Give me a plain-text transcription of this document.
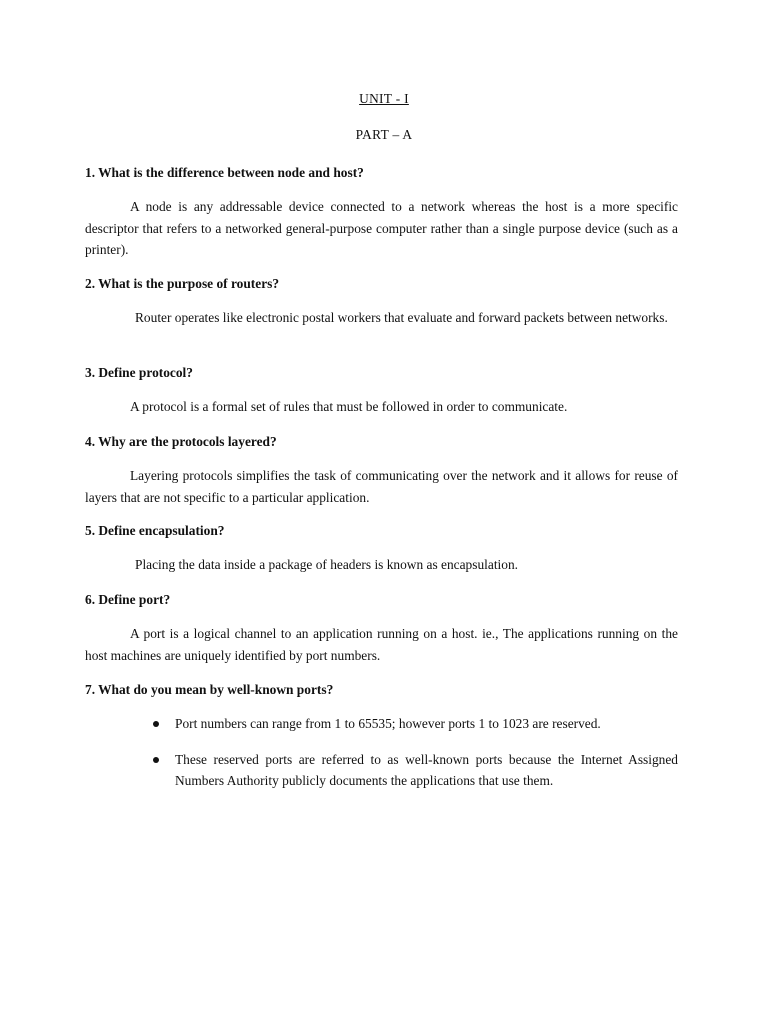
UNIT - I
PART – A
1. What is the difference between node and host?
A node is any addressable device connected to a network whereas the host is a more specific descriptor that refers to a networked general-purpose computer rather than a single purpose device (such as a printer).
2. What is the purpose of routers?
Router operates like electronic postal workers that evaluate and forward packets between networks.
3. Define protocol?
A protocol is a formal set of rules that must be followed in order to communicate.
4. Why are the protocols layered?
Layering protocols simplifies the task of communicating over the network and it allows for reuse of layers that are not specific to a particular application.
5. Define encapsulation?
Placing the data inside a package of headers is known as encapsulation.
6. Define port?
A port is a logical channel to an application running on a host. ie., The applications running on the host machines are uniquely identified by port numbers.
7. What do you mean by well-known ports?
Port numbers can range from 1 to 65535; however ports 1 to 1023 are reserved.
These reserved ports are referred to as well-known ports because the Internet Assigned Numbers Authority publicly documents the applications that use them.
